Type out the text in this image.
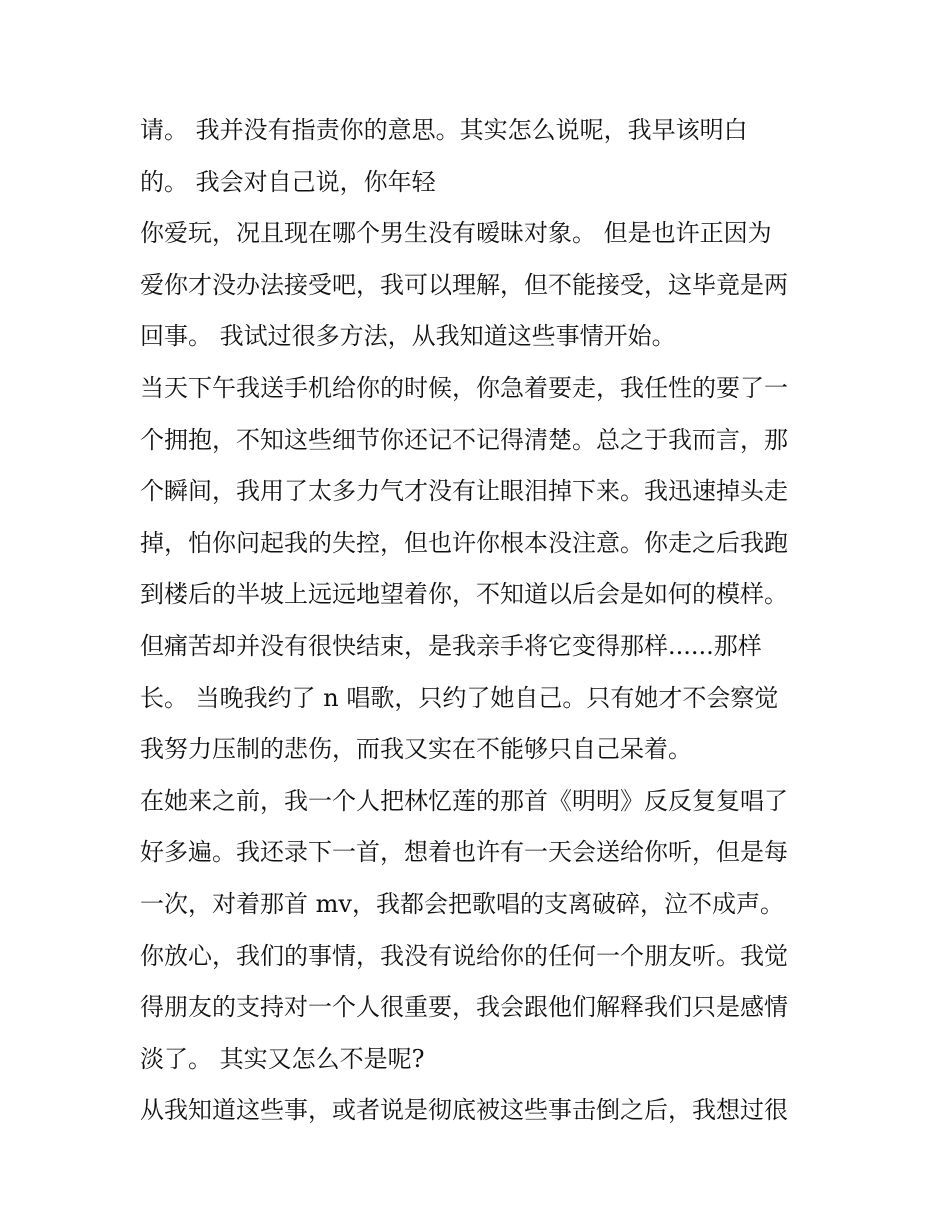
请。 我并没有指责你的意思。其实怎么说呢，我早该明白
的。 我会对自己说，你年轻
你爱玩，况且现在哪个男生没有暧昧对象。 但是也许正因为
爱你才没办法接受吧，我可以理解，但不能接受，这毕竟是两
回事。 我试过很多方法，从我知道这些事情开始。
当天下午我送手机给你的时候，你急着要走，我任性的要了一
个拥抱，不知这些细节你还记不记得清楚。总之于我而言，那
个瞬间，我用了太多力气才没有让眼泪掉下来。我迅速掉头走
掉，怕你问起我的失控，但也许你根本没注意。你走之后我跑
到楼后的半坡上远远地望着你，不知道以后会是如何的模样。
但痛苦却并没有很快结束，是我亲手将它变得那样......那样
长。 当晚我约了 n 唱歌，只约了她自己。只有她才不会察觉
我努力压制的悲伤，而我又实在不能够只自己呆着。
在她来之前，我一个人把林忆莲的那首《明明》反反复复唱了
好多遍。我还录下一首，想着也许有一天会送给你听，但是每
一次，对着那首 mv，我都会把歌唱的支离破碎，泣不成声。
你放心，我们的事情，我没有说给你的任何一个朋友听。我觉
得朋友的支持对一个人很重要，我会跟他们解释我们只是感情
淡了。 其实又怎么不是呢?
从我知道这些事，或者说是彻底被这些事击倒之后，我想过很
